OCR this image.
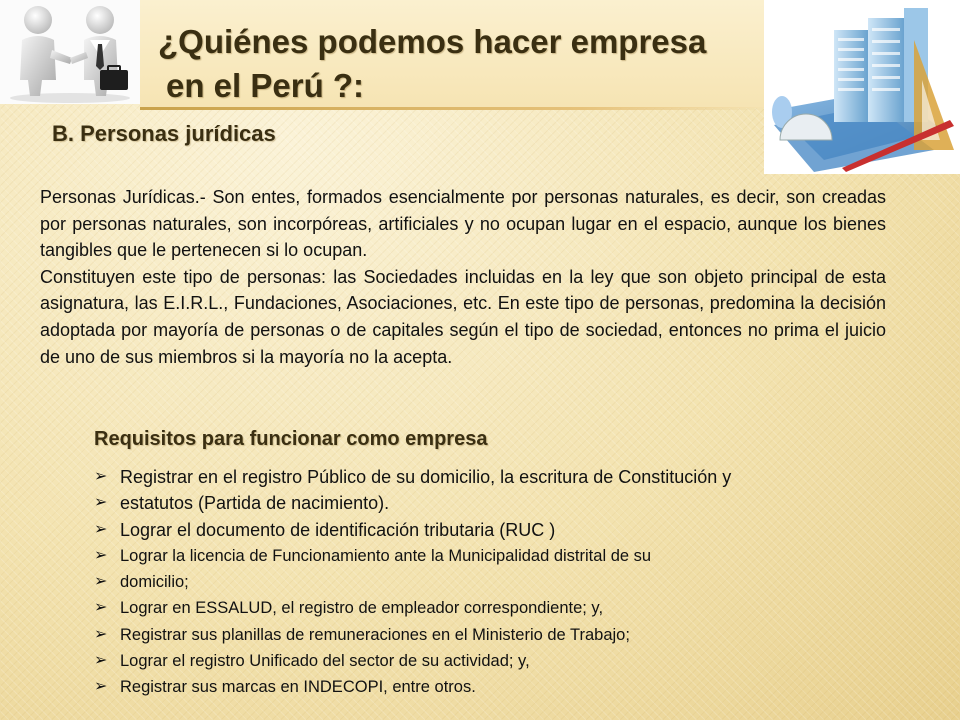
¿Quiénes podemos hacer empresa
en el Perú ?:
B. Personas jurídicas

Personas Jurídicas.- Son entes, formados esencialmente por personas naturales, es decir, son creadas por personas naturales, son incorpóreas, artificiales y no ocupan lugar en el espacio, aunque los bienes tangibles que le pertenecen si lo ocupan.

Constituyen este tipo de personas: las Sociedades incluidas en la ley que son objeto principal de esta asignatura, las E.I.R.L., Fundaciones, Asociaciones, etc. En este tipo de personas, predomina la decisión adoptada por mayoría de personas o de capitales según el tipo de sociedad, entonces no prima el juicio de uno de sus miembros si la mayoría no la acepta.

Requisitos para funcionar como empresa
➢ Registrar en el registro Público de su domicilio, la escritura de Constitución y
➢ estatutos (Partida de nacimiento).
➢ Lograr el documento de identificación tributaria (RUC )
➢ Lograr la licencia de Funcionamiento ante la Municipalidad distrital de su
➢ domicilio;
➢ Lograr en ESSALUD, el registro de empleador correspondiente; y,
➢ Registrar sus planillas de remuneraciones en el Ministerio de Trabajo;
➢ Lograr el registro Unificado del sector de su actividad; y,
➢ Registrar sus marcas en INDECOPI, entre otros.
